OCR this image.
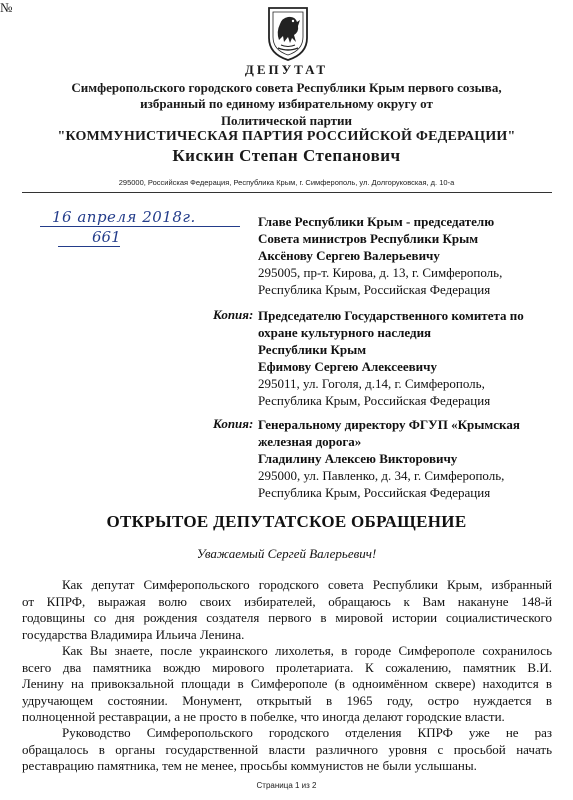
ДЕПУТАТ
Симферопольского городского совета Республики Крым первого созыва,
избранный по единому избирательному округу от
Политической партии
"КОММУНИСТИЧЕСКАЯ ПАРТИЯ РОССИЙСКОЙ ФЕДЕРАЦИИ"
Кискин Степан Степанович
295000, Российская Федерация, Республика Крым, г. Симферополь, ул. Долгоруковская, д. 10-а
16 апреля 2018г.
№
661
Главе Республики Крым - председателю
Совета министров Республики Крым
Аксёнову Сергею Валерьевичу
295005, пр-т. Кирова, д. 13, г. Симферополь,
Республика Крым, Российская Федерация
Копия: Председателю Государственного комитета по
охране культурного наследия
Республики Крым
Ефимову Сергею Алексеевичу
295011, ул. Гоголя, д.14, г. Симферополь,
Республика Крым, Российская Федерация
Копия: Генеральному директору ФГУП «Крымская
железная дорога»
Гладилину Алексею Викторовичу
295000, ул. Павленко, д. 34, г. Симферополь,
Республика Крым, Российская Федерация
ОТКРЫТОЕ ДЕПУТАТСКОЕ ОБРАЩЕНИЕ
Уважаемый Сергей Валерьевич!
Как депутат Симферопольского городского совета Республики Крым, избранный
от КПРФ, выражая волю своих избирателей, обращаюсь к Вам накануне 148-й
годовщины со дня рождения создателя первого в мировой истории социалистического
государства Владимира Ильича Ленина.
Как Вы знаете, после украинского лихолетья, в городе Симферополе сохранилось
всего два памятника вождю мирового пролетариата. К сожалению, памятник В.И.
Ленину на привокзальной площади в Симферополе (в одноимённом сквере) находится в
удручающем состоянии. Монумент, открытый в 1965 году, остро нуждается в
полноценной реставрации, а не просто в побелке, что иногда делают городские власти.
Руководство Симферопольского городского отделения КПРФ уже не раз
обращалось в органы государственной власти различного уровня с просьбой начать
реставрацию памятника, тем не менее, просьбы коммунистов не были услышаны.
Страница 1 из 2
